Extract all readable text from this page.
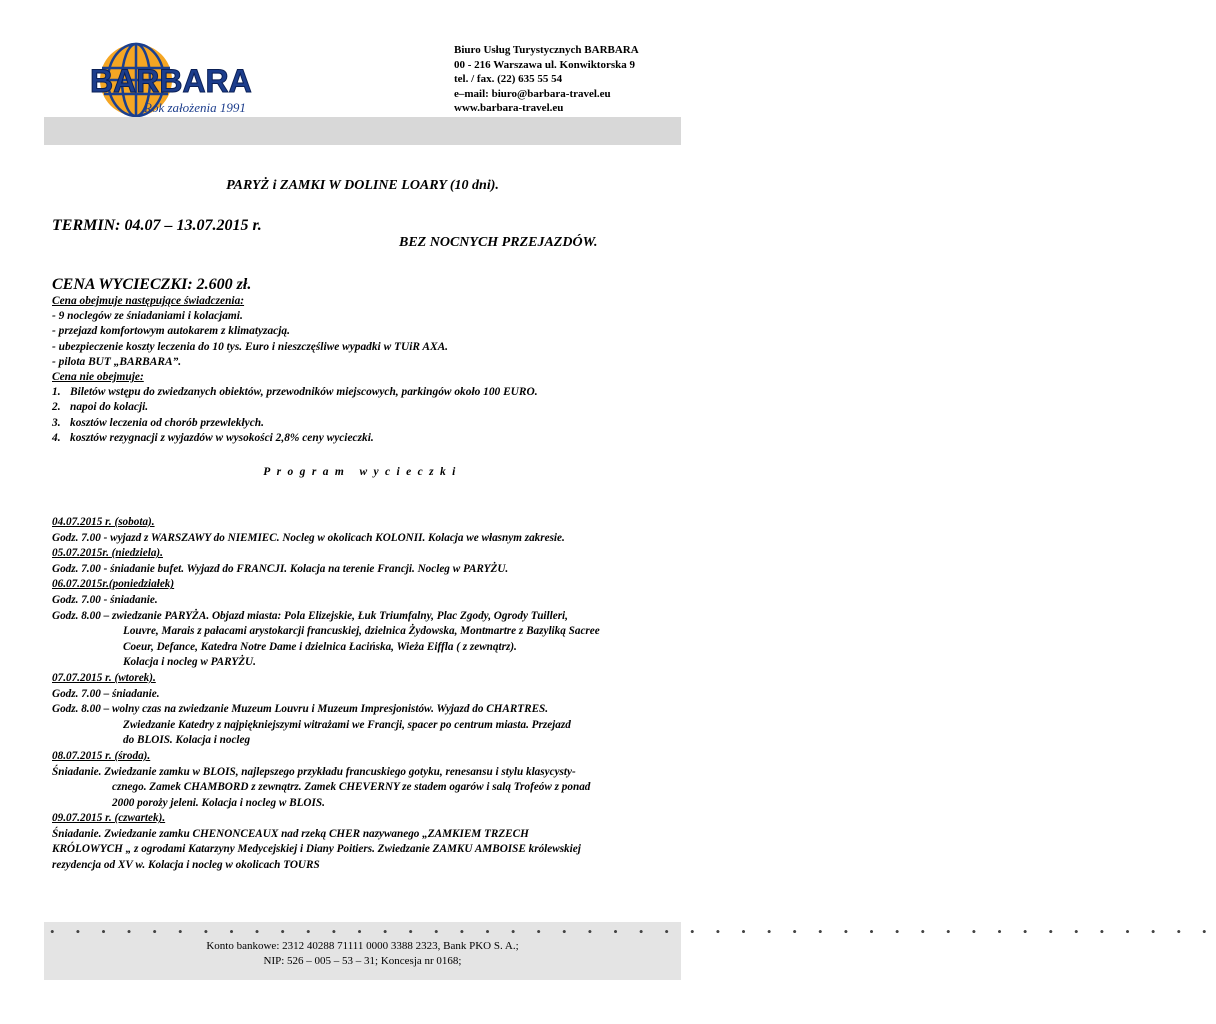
BARBARA
Rok założenia 1991
Biuro Usług Turystycznych BARBARA
00 - 216 Warszawa ul. Konwiktorska 9
tel. / fax. (22) 635 55 54
e–mail: biuro@barbara-travel.eu
www.barbara-travel.eu
PARYŻ i ZAMKI W DOLINE LOARY (10 dni).
TERMIN: 04.07 – 13.07.2015 r.
BEZ NOCNYCH PRZEJAZDÓW.
CENA WYCIECZKI: 2.600 zł.
Cena obejmuje następujące świadczenia:
- 9 noclegów ze śniadaniami i kolacjami.
- przejazd komfortowym autokarem z klimatyzacją.
- ubezpieczenie koszty leczenia do 10 tys. Euro i nieszczęśliwe wypadki w TUiR AXA.
- pilota BUT „BARBARA”.
Cena nie obejmuje:
1. Biletów wstępu do zwiedzanych obiektów, przewodników miejscowych, parkingów około 100 EURO.
2. napoi do kolacji.
3. kosztów leczenia od chorób przewlekłych.
4. kosztów rezygnacji z wyjazdów w wysokości 2,8% ceny wycieczki.
Program wycieczki
04.07.2015 r. (sobota).
Godz. 7.00 - wyjazd z WARSZAWY do NIEMIEC. Nocleg w okolicach KOLONII. Kolacja we własnym zakresie.
05.07.2015r. (niedziela).
Godz. 7.00 - śniadanie bufet. Wyjazd do FRANCJI. Kolacja na terenie Francji. Nocleg w PARYŻU.
06.07.2015r.(poniedziałek)
Godz. 7.00 - śniadanie.
Godz. 8.00 – zwiedzanie PARYŻA. Objazd miasta: Pola Elizejskie, Łuk Triumfalny, Plac Zgody, Ogrody Tuilleri,
Louvre, Marais z pałacami arystokarcji francuskiej, dzielnica Żydowska, Montmartre z Bazyliką Sacree
Coeur, Defance, Katedra Notre Dame i dzielnica Łacińska, Wieża Eiffla ( z zewnątrz).
Kolacja i nocleg w PARYŻU.
07.07.2015 r. (wtorek).
Godz. 7.00 – śniadanie.
Godz. 8.00 – wolny czas na zwiedzanie Muzeum Louvru i Muzeum Impresjonistów. Wyjazd do CHARTRES.
Zwiedzanie Katedry z najpiękniejszymi witrażami we Francji, spacer po centrum miasta. Przejazd
do BLOIS. Kolacja i nocleg
08.07.2015 r. (środa).
Śniadanie. Zwiedzanie zamku w BLOIS, najlepszego przykładu francuskiego gotyku, renesansu i stylu klasycysty-
cznego. Zamek CHAMBORD z zewnątrz. Zamek CHEVERNY ze stadem ogarów i salą Trofeów z ponad
2000 porożу jeleni. Kolacja i nocleg w BLOIS.
09.07.2015 r. (czwartek).
Śniadanie. Zwiedzanie zamku CHENONCEAUX nad rzeką CHER nazywanego „ZAMKIEM TRZECH
KRÓLOWYCH „ z ogrodami Katarzyny Medycejskiej i Diany Poitiers. Zwiedzanie ZAMKU AMBOISE królewskiej
rezydencja od XV w. Kolacja i nocleg w okolicach TOURS
• • • • • • • • • • • • • • • • • • • • • • • • • • • • • • • • • • • • • • • • • • • • • •
Konto bankowe: 2312 40288 71111 0000 3388 2323, Bank PKO S. A.;
NIP: 526 – 005 – 53 – 31; Koncesja nr 0168;
